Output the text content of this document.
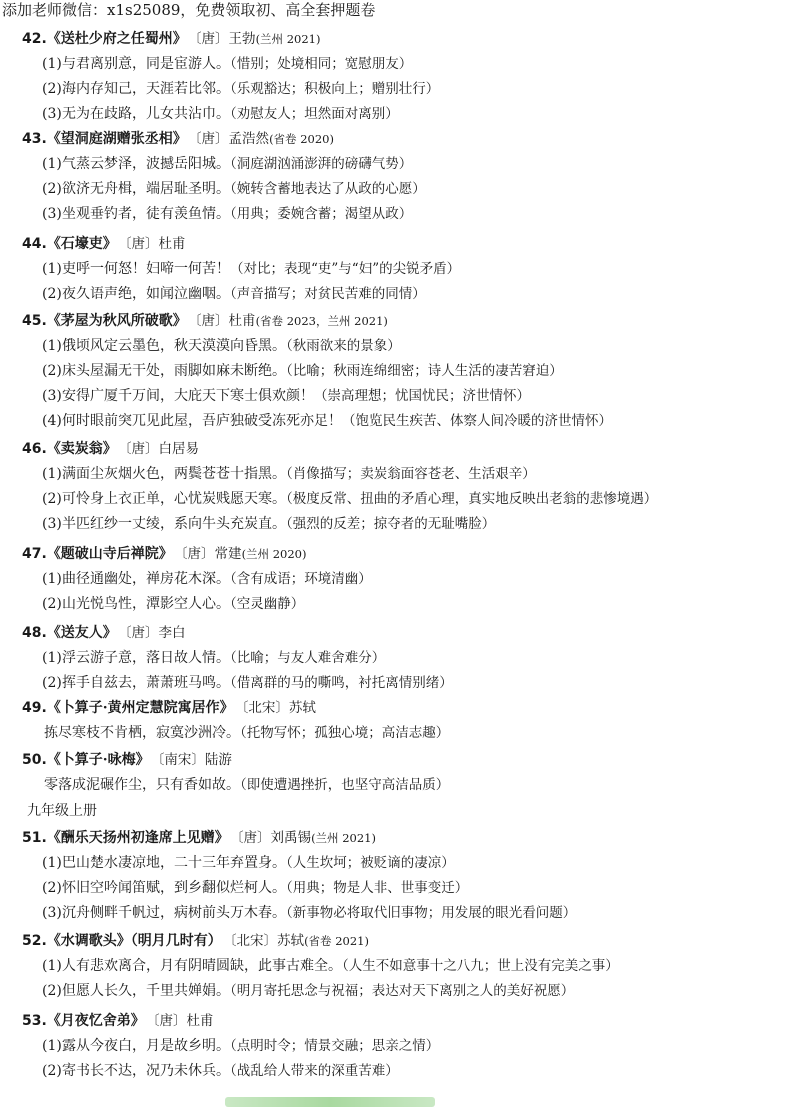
添加老师微信：x1s25089，免费领取初、高全套押题卷
42.《送杜少府之任蜀州》 〔唐〕王勃(兰州 2021)
(1)与君离别意，同是宦游人。（惜别；处境相同；宽慰朋友）
(2)海内存知己，天涯若比邻。（乐观豁达；积极向上；赠别壮行）
(3)无为在歧路，儿女共沾巾。（劝慰友人；坦然面对离别）
43.《望洞庭湖赠张丞相》 〔唐〕孟浩然(省卷 2020)
(1)气蒸云梦泽，波撼岳阳城。（洞庭湖汹涌澎湃的磅礴气势）
(2)欲济无舟楫，端居耻圣明。（婉转含蓄地表达了从政的心愿）
(3)坐观垂钓者，徒有羡鱼情。（用典；委婉含蓄；渴望从政）
44.《石壕吏》 〔唐〕杜甫
(1)吏呼一何怒！妇啼一何苦！（对比；表现“吏”与“妇”的尖锐矛盾）
(2)夜久语声绝，如闻泣幽咽。（声音描写；对贫民苦难的同情）
45.《茅屋为秋风所破歌》 〔唐〕杜甫(省卷 2023，兰州 2021)
(1)俄顷风定云墨色，秋天漠漠向昏黑。（秋雨欲来的景象）
(2)床头屋漏无干处，雨脚如麻未断绝。（比喻；秋雨连绵细密；诗人生活的凄苦窘迫）
(3)安得广厦千万间，大庇天下寒士俱欢颜！（崇高理想；忧国忧民；济世情怀）
(4)何时眼前突兀见此屋，吾庐独破受冻死亦足！（饱览民生疾苦、体察人间冷暖的济世情怀）
46.《卖炭翁》 〔唐〕白居易
(1)满面尘灰烟火色，两鬓苍苍十指黑。（肖像描写；卖炭翁面容苍老、生活艰辛）
(2)可怜身上衣正单，心忧炭贱愿天寒。（极度反常、扭曲的矛盾心理，真实地反映出老翁的悲惨境遇）
(3)半匹红纱一丈绫，系向牛头充炭直。（强烈的反差；掠夺者的无耻嘴脸）
47.《题破山寺后禅院》 〔唐〕常建(兰州 2020)
(1)曲径通幽处，禅房花木深。（含有成语；环境清幽）
(2)山光悦鸟性，潭影空人心。（空灵幽静）
48.《送友人》 〔唐〕李白
(1)浮云游子意，落日故人情。（比喻；与友人难舍难分）
(2)挥手自兹去，萧萧班马鸣。（借离群的马的嘶鸣，衬托离情别绪）
49.《卜算子·黄州定慧院寓居作》 〔北宋〕苏轼
拣尽寒枝不肯栖，寂寞沙洲冷。（托物写怀；孤独心境；高洁志趣）
50.《卜算子·咏梅》 〔南宋〕陆游
零落成泥碾作尘，只有香如故。（即使遭遇挫折，也坚守高洁品质）
51.《酬乐天扬州初逢席上见赠》 〔唐〕刘禹锡(兰州 2021)
(1)巴山楚水凄凉地，二十三年弃置身。（人生坎坷；被贬谪的凄凉）
(2)怀旧空吟闻笛赋，到乡翻似烂柯人。（用典；物是人非、世事变迁）
(3)沉舟侧畔千帆过，病树前头万木春。（新事物必将取代旧事物；用发展的眼光看问题）
52.《水调歌头》（明月几时有） 〔北宋〕苏轼(省卷 2021)
(1)人有悲欢离合，月有阴晴圆缺，此事古难全。（人生不如意事十之八九；世上没有完美之事）
(2)但愿人长久，千里共婵娟。（明月寄托思念与祝福；表达对天下离别之人的美好祝愿）
53.《月夜忆舍弟》 〔唐〕杜甫
(1)露从今夜白，月是故乡明。（点明时令；情景交融；思亲之情）
(2)寄书长不达，况乃未休兵。（战乱给人带来的深重苦难）
九年级上册
